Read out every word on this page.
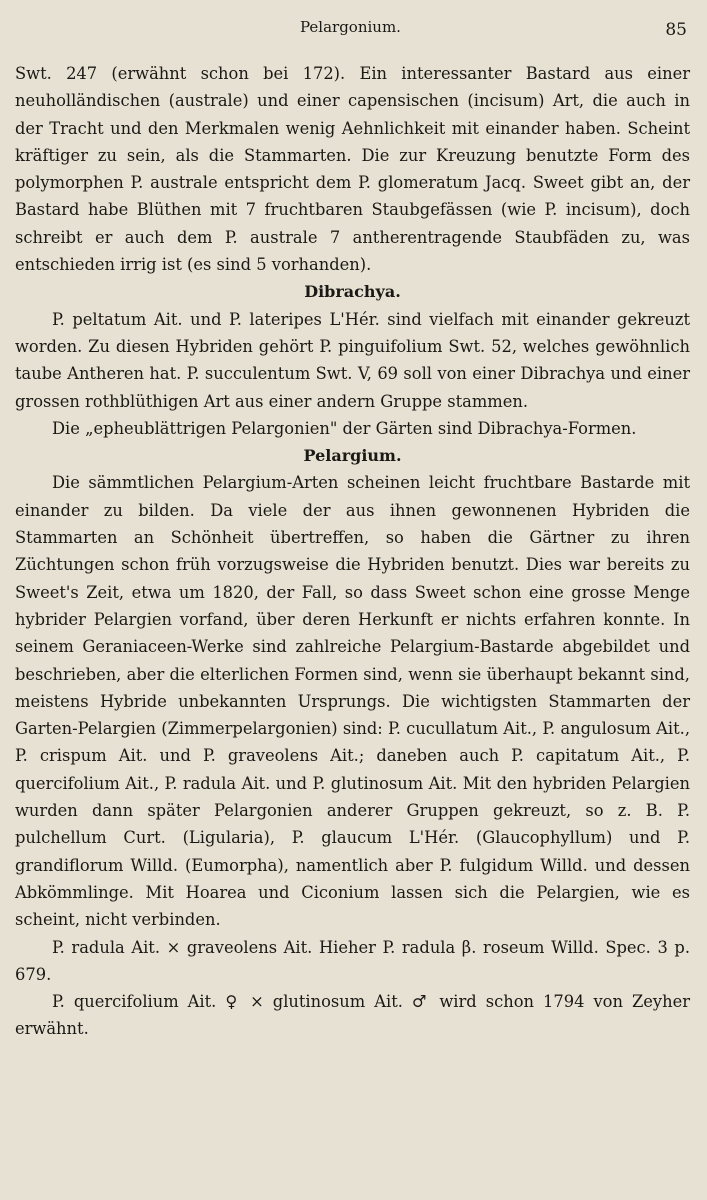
Pelargonium.	85

Swt. 247 (erwähnt schon bei 172). Ein interessanter Bastard aus einer neuholländischen (australe) und einer capensischen (incisum) Art, die auch in der Tracht und den Merkmalen wenig Aehnlichkeit mit einander haben. Scheint kräftiger zu sein, als die Stammarten. Die zur Kreuzung benutzte Form des polymorphen P. australe entspricht dem P. glomeratum Jacq. Sweet gibt an, der Bastard habe Blüthen mit 7 fruchtbaren Staubgefässen (wie P. incisum), doch schreibt er auch dem P. australe 7 antherentragende Staubfäden zu, was entschieden irrig ist (es sind 5 vorhanden).

Dibrachya.

P. peltatum Ait. und P. lateripes L'Hér. sind vielfach mit einander gekreuzt worden. Zu diesen Hybriden gehört P. pinguifolium Swt. 52, welches gewöhnlich taube Antheren hat. P. succulentum Swt. V, 69 soll von einer Dibrachya und einer grossen rothblüthigen Art aus einer andern Gruppe stammen.

Die „epheublättrigen Pelargonien" der Gärten sind Dibrachya-Formen.

Pelargium.

Die sämmtlichen Pelargium-Arten scheinen leicht fruchtbare Bastarde mit einander zu bilden. Da viele der aus ihnen gewonnenen Hybriden die Stammarten an Schönheit übertreffen, so haben die Gärtner zu ihren Züchtungen schon früh vorzugsweise die Hybriden benutzt. Dies war bereits zu Sweet's Zeit, etwa um 1820, der Fall, so dass Sweet schon eine grosse Menge hybrider Pelargien vorfand, über deren Herkunft er nichts erfahren konnte. In seinem Geraniaceen-Werke sind zahlreiche Pelargium-Bastarde abgebildet und beschrieben, aber die elterlichen Formen sind, wenn sie überhaupt bekannt sind, meistens Hybride unbekannten Ursprungs. Die wichtigsten Stammarten der Garten-Pelargien (Zimmerpelargonien) sind: P. cucullatum Ait., P. angulosum Ait., P. crispum Ait. und P. graveolens Ait.; daneben auch P. capitatum Ait., P. quercifolium Ait., P. radula Ait. und P. glutinosum Ait. Mit den hybriden Pelargien wurden dann später Pelargonien anderer Gruppen gekreuzt, so z. B. P. pulchellum Curt. (Ligularia), P. glaucum L'Hér. (Glaucophyllum) und P. grandiflorum Willd. (Eumorpha), namentlich aber P. fulgidum Willd. und dessen Abkömmlinge. Mit Hoarea und Ciconium lassen sich die Pelargien, wie es scheint, nicht verbinden.

P. radula Ait. × graveolens Ait. Hieher P. radula β. roseum Willd. Spec. 3 p. 679.

P. quercifolium Ait. ♀ × glutinosum Ait. ♂ wird schon 1794 von Zeyher erwähnt.
